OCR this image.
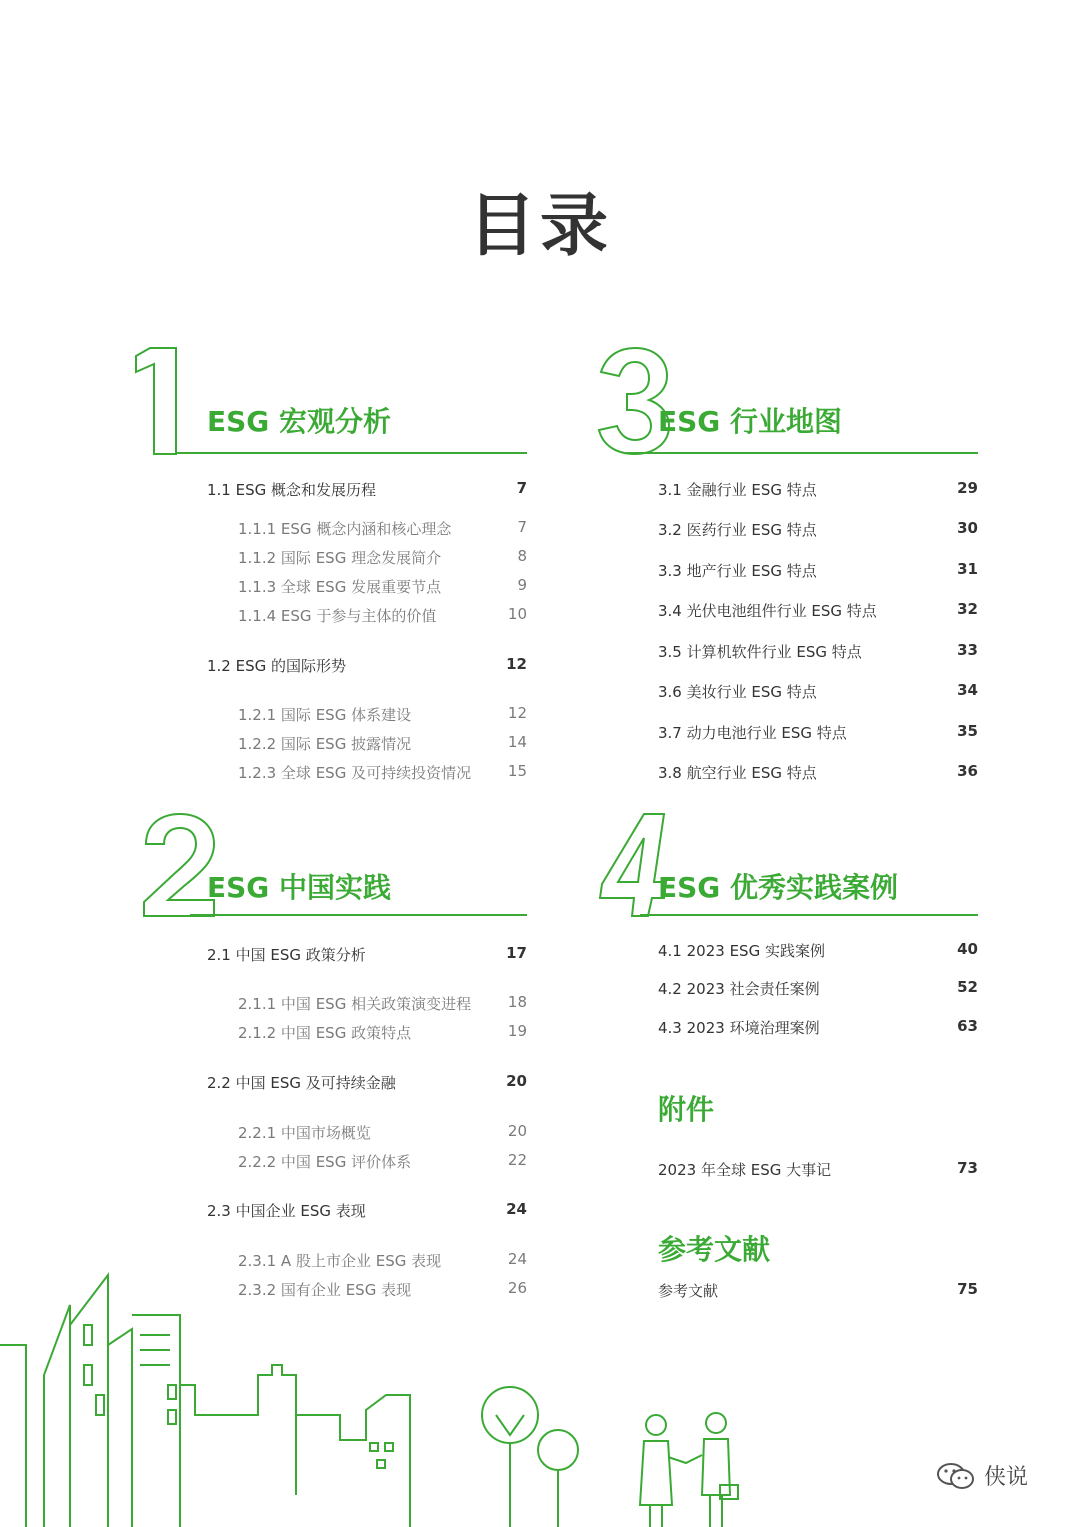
目录
ESG 宏观分析
1.1 ESG 概念和发展历程	7
1.1.1 ESG 概念内涵和核心理念	7
1.1.2 国际 ESG 理念发展简介	8
1.1.3 全球 ESG 发展重要节点	9
1.1.4 ESG 于参与主体的价值	10
1.2 ESG 的国际形势	12
1.2.1 国际 ESG 体系建设	12
1.2.2 国际 ESG 披露情况	14
1.2.3 全球 ESG 及可持续投资情况 15
ESG 中国实践
2.1 中国 ESG 政策分析	17
2.1.1 中国 ESG 相关政策演变进程 18
2.1.2 中国 ESG 政策特点	19
2.2 中国 ESG 及可持续金融	20
2.2.1 中国市场概览	20
2.2.2 中国 ESG 评价体系	22
2.3 中国企业 ESG 表现	24
2.3.1 A 股上市企业 ESG 表现	24
2.3.2 国有企业 ESG 表现	26
ESG 行业地图
3.1 金融行业 ESG 特点	29
3.2 医药行业 ESG 特点	30
3.3 地产行业 ESG 特点	31
3.4 光伏电池组件行业 ESG 特点	32
3.5 计算机软件行业 ESG 特点	33
3.6 美妆行业 ESG 特点	34
3.7 动力电池行业 ESG 特点	35
3.8 航空行业 ESG 特点	36
ESG 优秀实践案例
4.1 2023 ESG 实践案例	40
4.2 2023 社会责任案例	52
4.3 2023 环境治理案例	63
附件
2023 年全球 ESG 大事记	73
参考文献
参考文献	75
侠说
